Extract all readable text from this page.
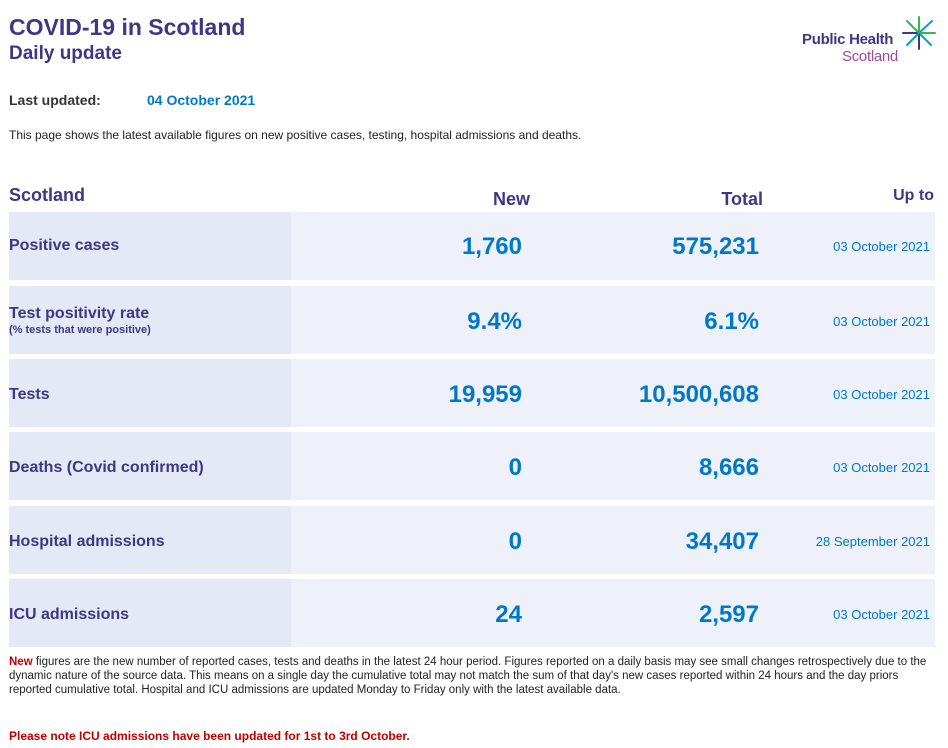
COVID-19 in Scotland
Daily update
Public Health
Scotland
Last updated:	04 October 2021
This page shows the latest available figures on new positive cases, testing, hospital admissions and deaths.
Scotland	New	Total	Up to
Positive cases	1,760	575,231	03 October 2021
Test positivity rate
(% tests that were positive)	9.4%	6.1%	03 October 2021
Tests	19,959	10,500,608	03 October 2021
Deaths (Covid confirmed)	0	8,666	03 October 2021
Hospital admissions	0	34,407	28 September 2021
ICU admissions	24	2,597	03 October 2021
New figures are the new number of reported cases, tests and deaths in the latest 24 hour period. Figures reported on a daily basis may see small changes retrospectively due to the dynamic nature of the source data. This means on a single day the cumulative total may not match the sum of that day's new cases reported within 24 hours and the day priors reported cumulative total. Hospital and ICU admissions are updated Monday to Friday only with the latest available data.
Please note ICU admissions have been updated for 1st to 3rd October.
